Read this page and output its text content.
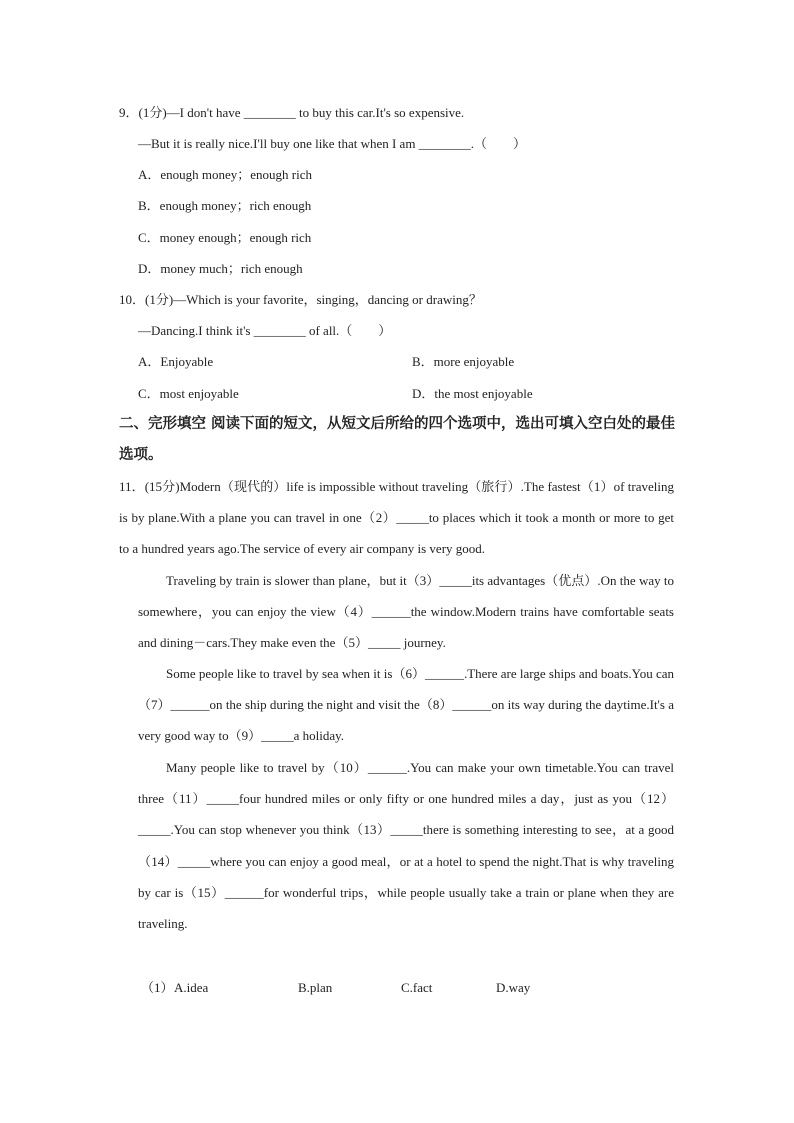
9．(1分)—I don't have ________ to buy this car.It's so expensive.
—But it is really nice.I'll buy one like that when I am ________.（　　）
A．enough money；enough rich
B．enough money；rich enough
C．money enough；enough rich
D．money much；rich enough
10．(1分)—Which is your favorite，singing，dancing or drawing？
—Dancing.I think it's ________ of all.（　　）
A．Enjoyable	B．more enjoyable
C．most enjoyable	D．the most enjoyable
二、完形填空 阅读下面的短文，从短文后所给的四个选项中，选出可填入空白处的最佳选项。
11．(15分)Modern（现代的）life is impossible without traveling（旅行）.The fastest（1）of traveling is by plane.With a plane you can travel in one（2）_____to places which it took a month or more to get to a hundred years ago.The service of every air company is very good.
Traveling by train is slower than plane，but it（3）_____its advantages（优点）.On the way to somewhere，you can enjoy the view（4）______the window.Modern trains have comfortable seats and dining－cars.They make even the（5）_____ journey.
Some people like to travel by sea when it is（6）______.There are large ships and boats.You can（7）______on the ship during the night and visit the（8）______on its way during the daytime.It's a very good way to（9）_____a holiday.
Many people like to travel by（10）______.You can make your own timetable.You can travel three（11）_____four hundred miles or only fifty or one hundred miles a day，just as you（12）_____.You can stop whenever you think（13）_____there is something interesting to see，at a good（14）_____where you can enjoy a good meal，or at a hotel to spend the night.That is why traveling by car is（15）______for wonderful trips，while people usually take a train or plane when they are traveling.
（1） A.idea	B.plan	C.fact	D.way
